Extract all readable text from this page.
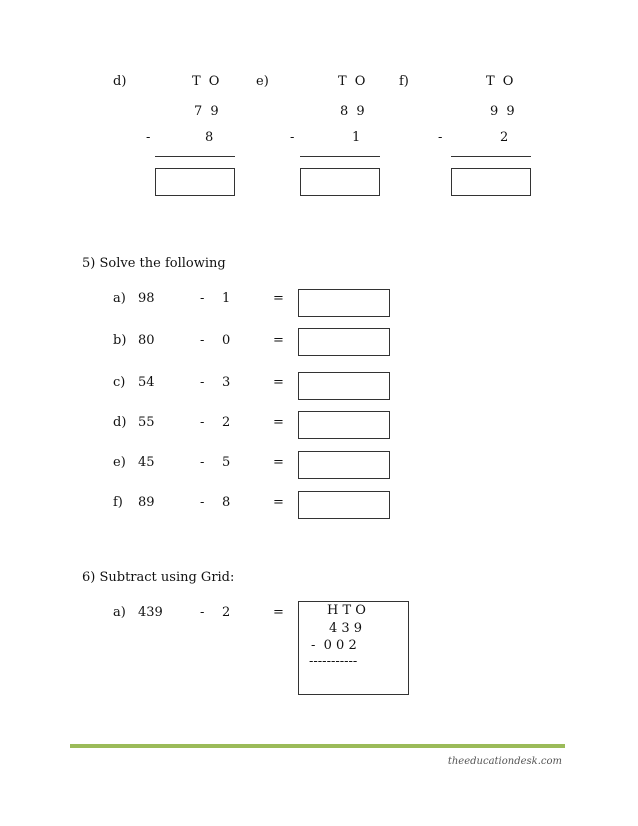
d)	T O
7 9
-	8
e)	T O
8 9
-	1
f)	T O
9 9
-	2
5) Solve the following
a) 98	- 1	=
b) 80	- 0	=
c) 54	- 3	=
d) 55	- 2	=
e) 45	- 5	=
f) 89	- 8	=
6) Subtract using Grid:
a) 439	- 2	=	H T O
4 3 9
-  0 0 2
-----------
theeducationdesk.com
